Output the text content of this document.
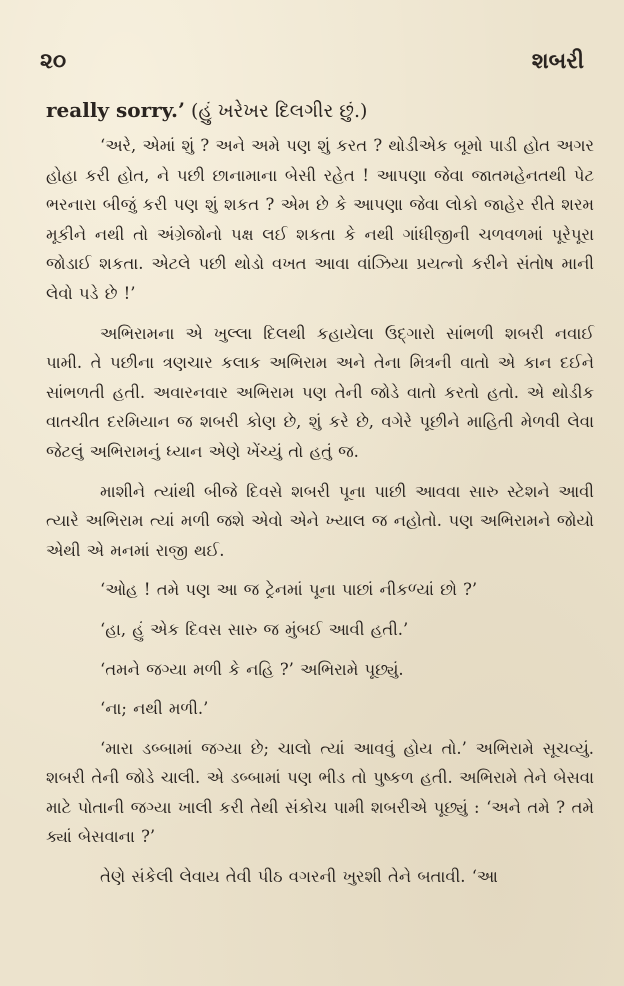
૨૦	શબરી

really sorry.’ (હું ખરેખર દિલગીર છું.)

‘અરે, એમાં શું ? અને અમે પણ શું કરત ? થોડીએક બૂમો પાડી હોત અગર હોહા કરી હોત, ને પછી છાનામાના બેસી રહેત ! આપણા જેવા જાતમહેનતથી પેટ ભરનારા બીજું કરી પણ શું શકત ? એમ છે કે આપણા જેવા લોકો જાહેર રીતે શરમ મૂકીને નથી તો અંગ્રેજોનો પક્ષ લઈ શકતા કે નથી ગાંધીજીની ચળવળમાં પૂરેપૂરા જોડાઈ શકતા. એટલે પછી થોડો વખત આવા વાંઝિયા પ્રયત્નો કરીને સંતોષ માની લેવો પડે છે !’

અભિરામના એ ખુલ્લા દિલથી કહાયેલા ઉદ્ગારો સાંભળી શબરી નવાઈ પામી. તે પછીના ત્રણચાર કલાક અભિરામ અને તેના મિત્રની વાતો એ કાન દઈને સાંભળતી હતી. અવારનવાર અભિરામ પણ તેની જોડે વાતો કરતો હતો. એ થોડીક વાતચીત દરમિયાન જ શબરી કોણ છે, શું કરે છે, વગેરે પૂછીને માહિતી મેળવી લેવા જેટલું અભિરામનું ધ્યાન એણે ખેંચ્યું તો હતું જ.

માશીને ત્યાંથી બીજે દિવસે શબરી પૂના પાછી આવવા સારુ સ્ટેશને આવી ત્યારે અભિરામ ત્યાં મળી જશે એવો એને ખ્યાલ જ નહોતો. પણ અભિરામને જોયો એથી એ મનમાં રાજી થઈ.

‘ઓહ ! તમે પણ આ જ ટ્રેનમાં પૂના પાછાં નીકળ્યાં છો ?’

‘હા, હું એક દિવસ સારુ જ મુંબઈ આવી હતી.’

‘તમને જગ્યા મળી કે નહિ ?’ અભિરામે પૂછ્યું.

‘ના; નથી મળી.’

‘મારા ડબ્બામાં જગ્યા છે; ચાલો ત્યાં આવવું હોય તો.’ અભિરામે સૂચવ્યું. શબરી તેની જોડે ચાલી. એ ડબ્બામાં પણ ભીડ તો પુષ્કળ હતી. અભિરામે તેને બેસવા માટે પોતાની જગ્યા ખાલી કરી તેથી સંકોચ પામી શબરીએ પૂછ્યું : ‘અને તમે ? તમે ક્યાં બેસવાના ?’

તેણે સંકેલી લેવાય તેવી પીઠ વગરની ખુરશી તેને બતાવી. ‘આ
